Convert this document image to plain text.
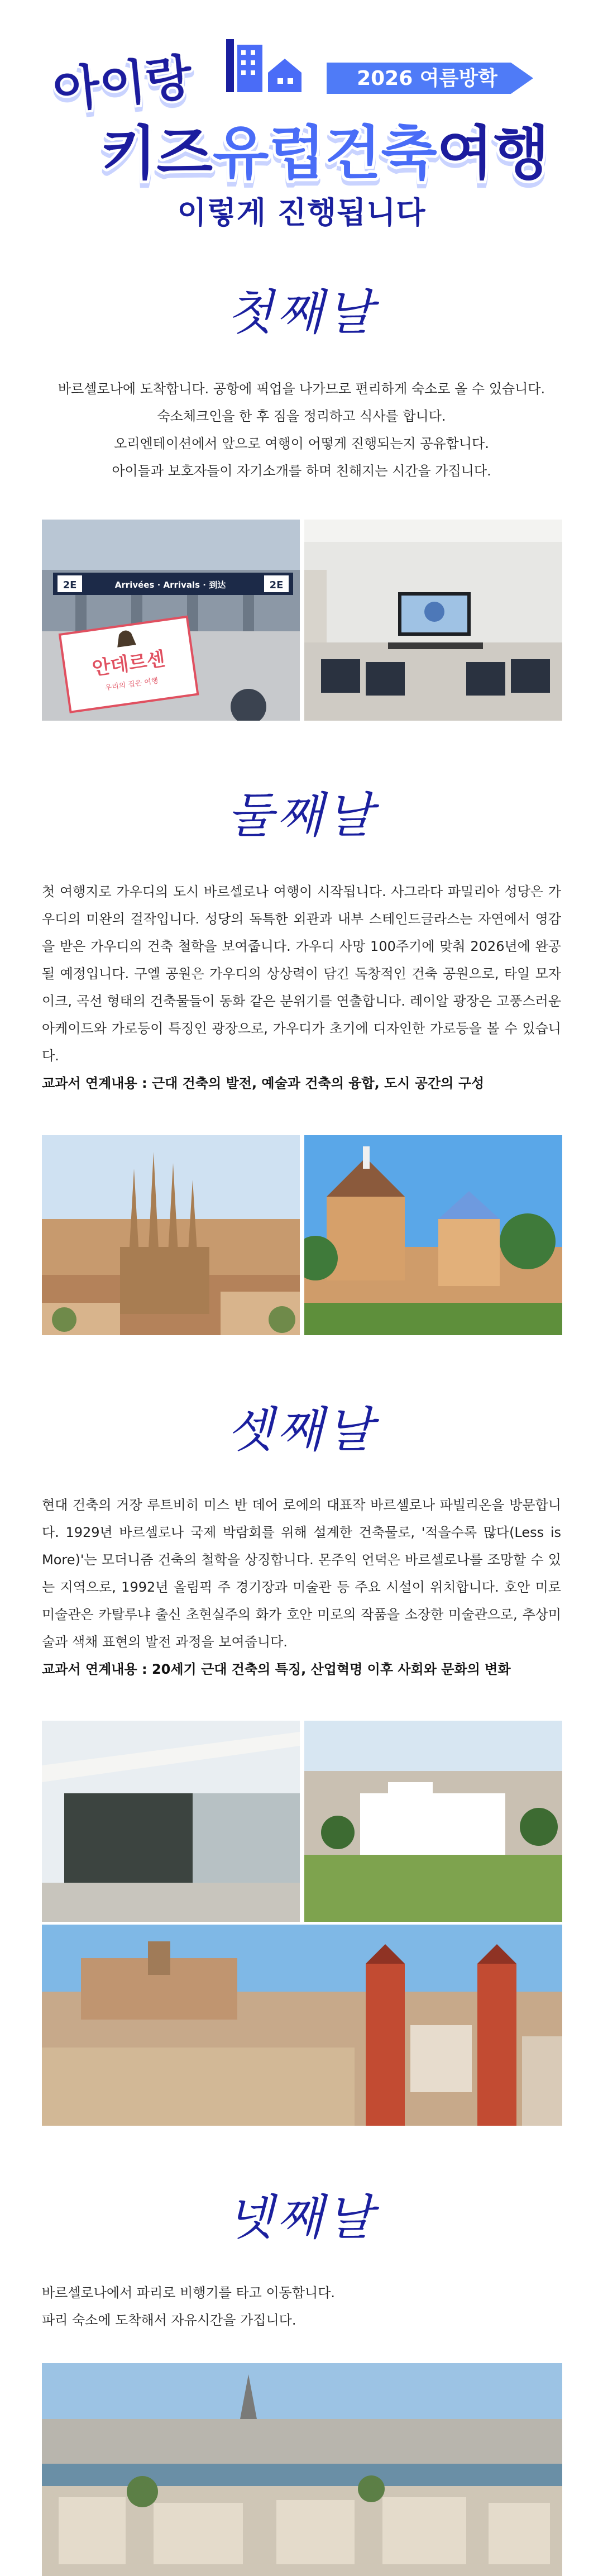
2026 여름방학
아이랑
키즈유럽건축여행
이렇게 진행됩니다
첫째날

바르셀로나에 도착합니다. 공항에 픽업을 나가므로 편리하게 숙소로 올 수 있습니다.

숙소체크인을 한 후 짐을 정리하고 식사를 합니다.

오리엔테이션에서 앞으로 여행이 어떻게 진행되는지 공유합니다.

아이들과 보호자들이 자기소개를 하며 친해지는 시간을 가집니다.

2E	Arrivées · Arrivals · 到达	2E
안데르센
우리의 집은 여행
둘째날

첫 여행지로 가우디의 도시 바르셀로나 여행이 시작됩니다. 사그라다 파밀리아 성당은 가우디의 미완의 걸작입니다. 성당의 독특한 외관과 내부 스테인드글라스는 자연에서 영감을 받은 가우디의 건축 철학을 보여줍니다. 가우디 사망 100주기에 맞춰 2026년에 완공될 예정입니다. 구엘 공원은 가우디의 상상력이 담긴 독창적인 건축 공원으로, 타일 모자이크, 곡선 형태의 건축물들이 동화 같은 분위기를 연출합니다. 레이알 광장은 고풍스러운 아케이드와 가로등이 특징인 광장으로, 가우디가 초기에 디자인한 가로등을 볼 수 있습니다.

교과서 연계내용 : 근대 건축의 발전, 예술과 건축의 융합, 도시 공간의 구성

셋째날

현대 건축의 거장 루트비히 미스 반 데어 로에의 대표작 바르셀로나 파빌리온을 방문합니다. 1929년 바르셀로나 국제 박람회를 위해 설계한 건축물로, '적을수록 많다(Less is More)'는 모더니즘 건축의 철학을 상징합니다. 몬주익 언덕은 바르셀로나를 조망할 수 있는 지역으로, 1992년 올림픽 주 경기장과 미술관 등 주요 시설이 위치합니다. 호안 미로 미술관은 카탈루냐 출신 초현실주의 화가 호안 미로의 작품을 소장한 미술관으로, 추상미술과 색채 표현의 발전 과정을 보여줍니다.

교과서 연계내용 : 20세기 근대 건축의 특징, 산업혁명 이후 사회와 문화의 변화

넷째날

바르셀로나에서 파리로 비행기를 타고 이동합니다.

파리 숙소에 도착해서 자유시간을 가집니다.
